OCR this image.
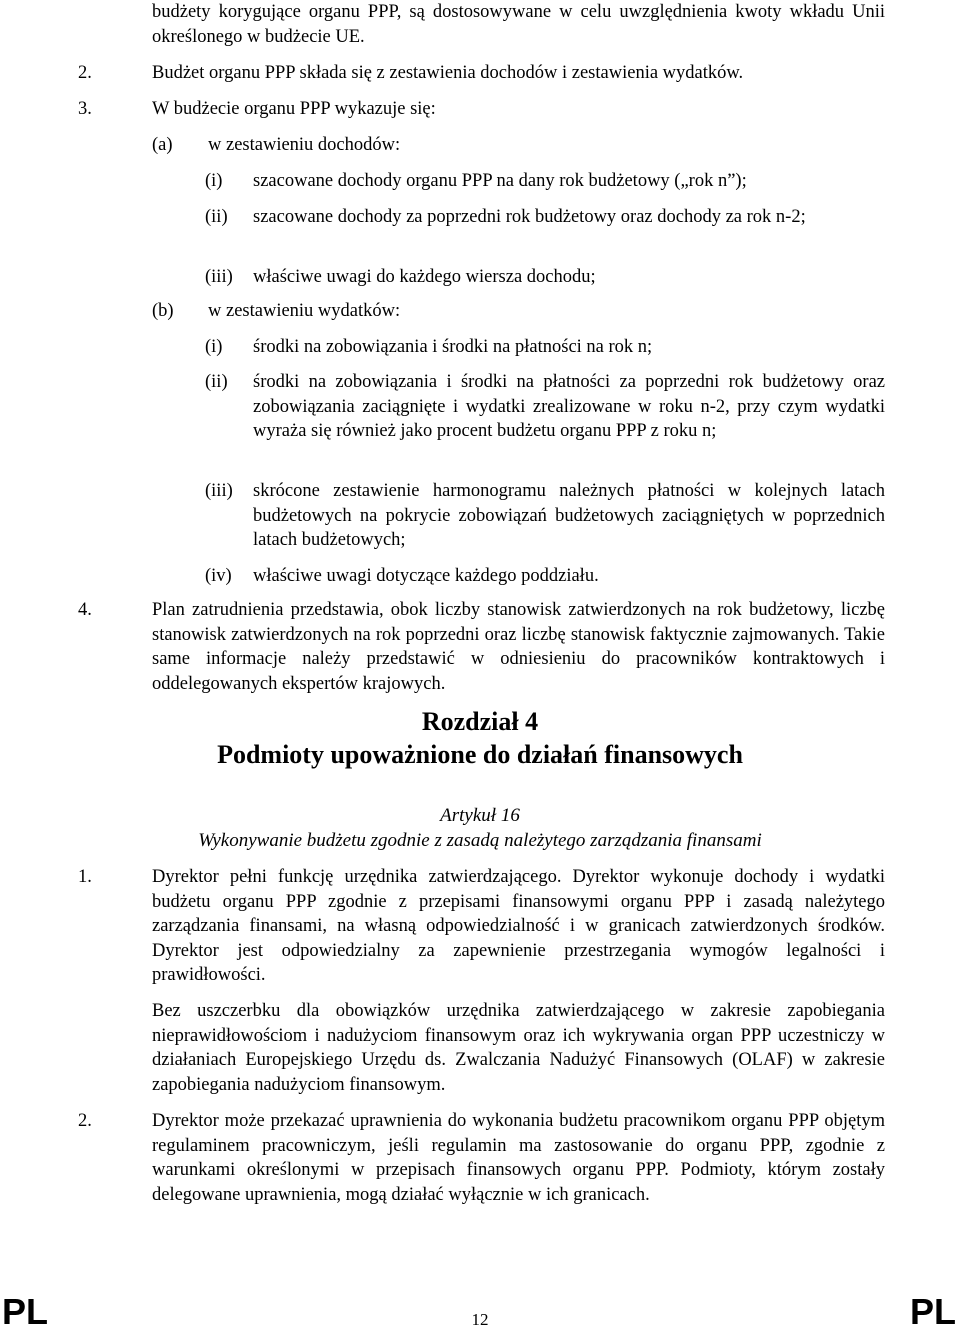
budżety korygujące organu PPP, są dostosowywane w celu uwzględnienia kwoty wkładu Unii określonego w budżecie UE.

2.	Budżet organu PPP składa się z zestawienia dochodów i zestawienia wydatków.

3.	W budżecie organu PPP wykazuje się:

(a) w zestawieniu dochodów:

(i) szacowane dochody organu PPP na dany rok budżetowy („rok n”);

(ii) szacowane dochody za poprzedni rok budżetowy oraz dochody za rok n-2;

(iii) właściwe uwagi do każdego wiersza dochodu;

(b) w zestawieniu wydatków:

(i) środki na zobowiązania i środki na płatności na rok n;

(ii) środki na zobowiązania i środki na płatności za poprzedni rok budżetowy oraz zobowiązania zaciągnięte i wydatki zrealizowane w roku n-2, przy czym wydatki wyraża się również jako procent budżetu organu PPP z roku n;

(iii) skrócone zestawienie harmonogramu należnych płatności w kolejnych latach budżetowych na pokrycie zobowiązań budżetowych zaciągniętych w poprzednich latach budżetowych;

(iv) właściwe uwagi dotyczące każdego poddziału.

4.	Plan zatrudnienia przedstawia, obok liczby stanowisk zatwierdzonych na rok budżetowy, liczbę stanowisk zatwierdzonych na rok poprzedni oraz liczbę stanowisk faktycznie zajmowanych. Takie same informacje należy przedstawić w odniesieniu do pracowników kontraktowych i oddelegowanych ekspertów krajowych.

Rozdział 4

Podmioty upoważnione do działań finansowych

Artykuł 16

Wykonywanie budżetu zgodnie z zasadą należytego zarządzania finansami

1.	Dyrektor pełni funkcję urzędnika zatwierdzającego. Dyrektor wykonuje dochody i wydatki budżetu organu PPP zgodnie z przepisami finansowymi organu PPP i zasadą należytego zarządzania finansami, na własną odpowiedzialność i w granicach zatwierdzonych środków. Dyrektor jest odpowiedzialny za zapewnienie przestrzegania wymogów legalności i prawidłowości.

Bez uszczerbku dla obowiązków urzędnika zatwierdzającego w zakresie zapobiegania nieprawidłowościom i nadużyciom finansowym oraz ich wykrywania organ PPP uczestniczy w działaniach Europejskiego Urzędu ds. Zwalczania Nadużyć Finansowych (OLAF) w zakresie zapobiegania nadużyciom finansowym.

2.	Dyrektor może przekazać uprawnienia do wykonania budżetu pracownikom organu PPP objętym regulaminem pracowniczym, jeśli regulamin ma zastosowanie do organu PPP, zgodnie z warunkami określonymi w przepisach finansowych organu PPP. Podmioty, którym zostały delegowane uprawnienia, mogą działać wyłącznie w ich granicach.

PL	12	PL
